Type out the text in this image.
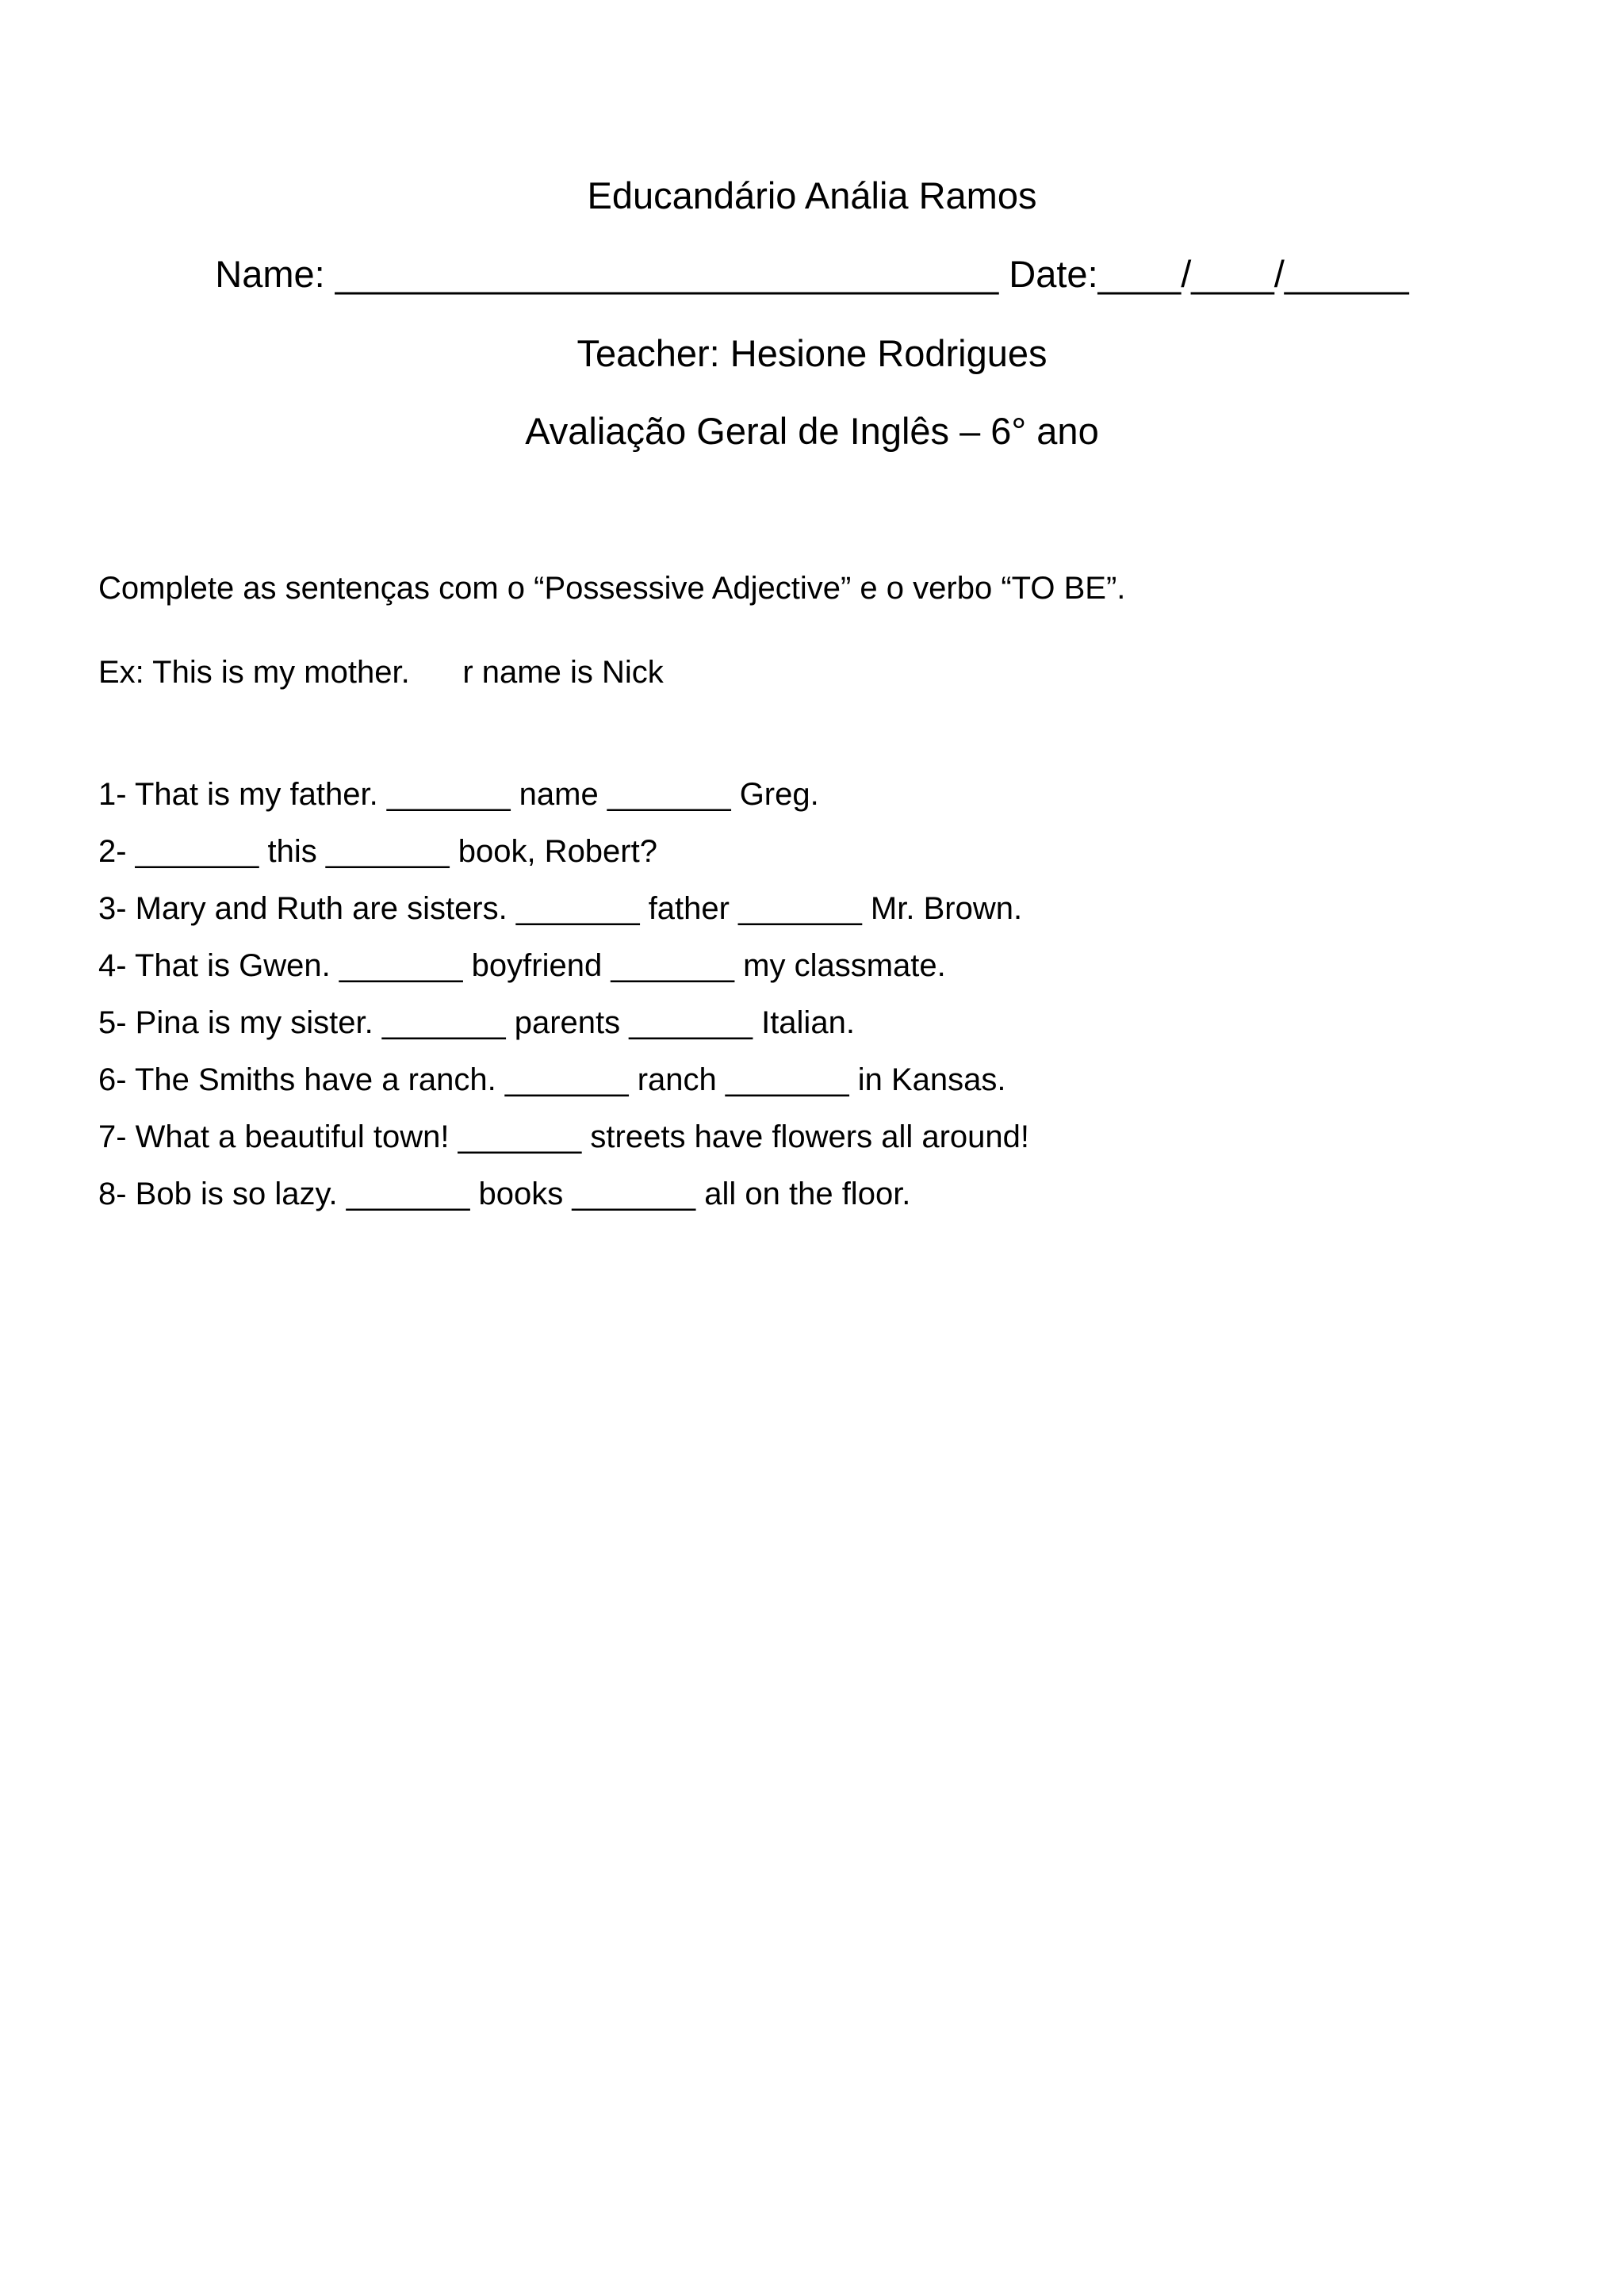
Educandário Anália Ramos
Name: ________________________________ Date:____/____/______
Teacher: Hesione Rodrigues
Avaliação Geral de Inglês – 6° ano
Complete as sentenças com o “Possessive Adjective” e o verbo “TO BE”.
Ex: This is my mother.      r name is Nick
1- That is my father. _______ name _______ Greg.
2- _______ this _______ book, Robert?
3- Mary and Ruth are sisters. _______ father _______ Mr. Brown.
4- That is Gwen. _______ boyfriend _______ my classmate.
5- Pina is my sister. _______ parents _______ Italian.
6- The Smiths have a ranch. _______ ranch _______ in Kansas.
7- What a beautiful town! _______ streets have flowers all around!
8- Bob is so lazy. _______ books _______ all on the floor.
